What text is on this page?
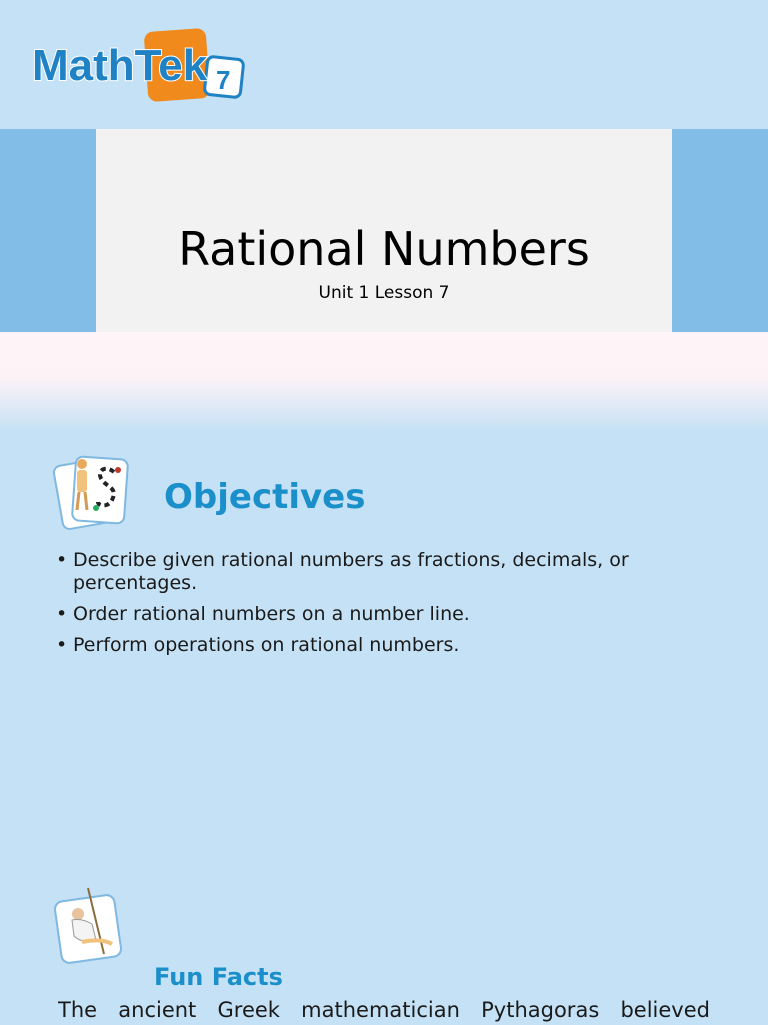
MathTek 7
Rational Numbers
Unit 1 Lesson 7
Objectives
• Describe given rational numbers as fractions, decimals, or percentages.
• Order rational numbers on a number line.
• Perform operations on rational numbers.
Fun Facts
The ancient Greek mathematician Pythagoras believed
